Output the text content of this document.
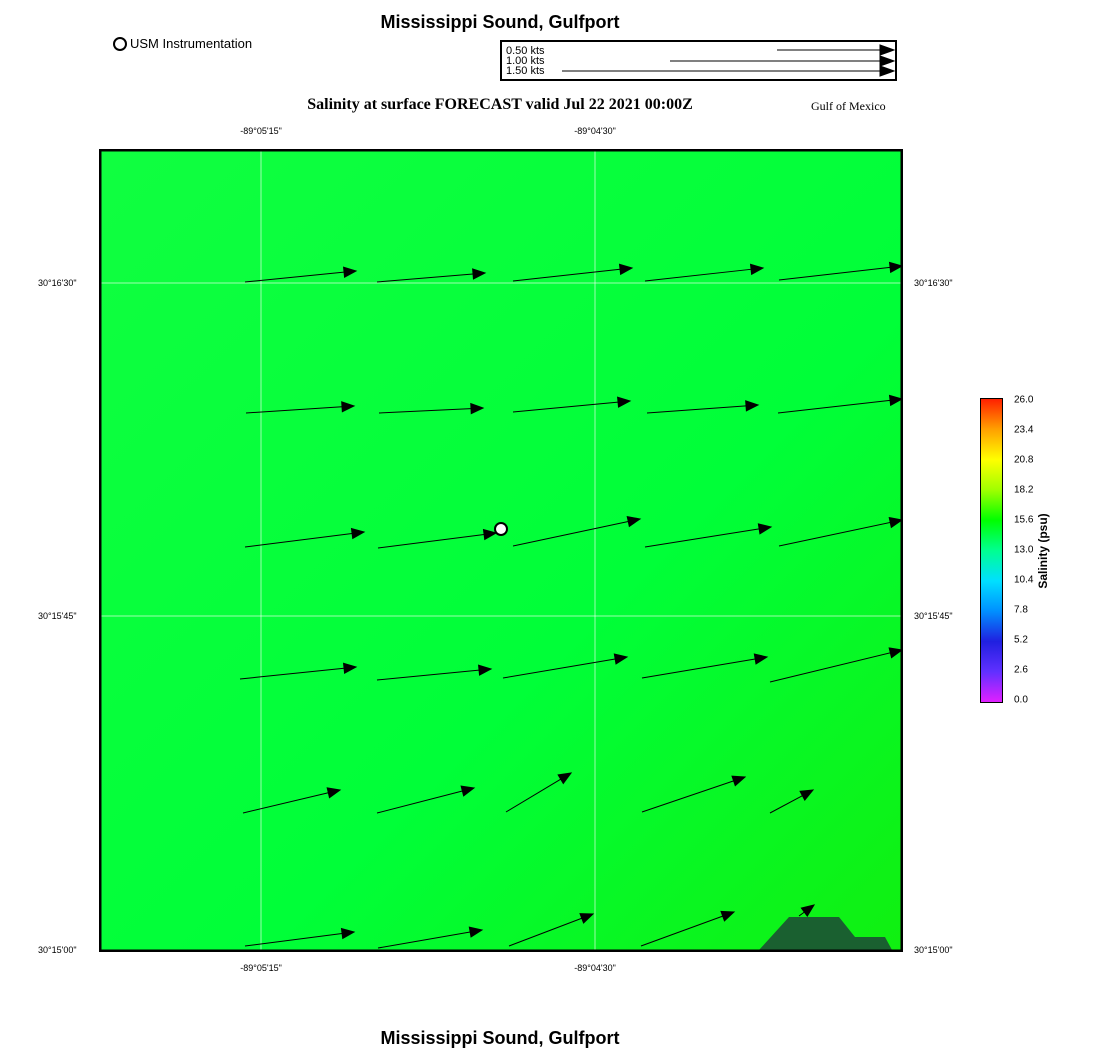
Mississippi Sound, Gulfport
USM Instrumentation	0.50 kts
1.00 kts
1.50 kts
Salinity at surface FORECAST valid Jul 22 2021 00:00Z	Gulf of Mexico
-89°05'15"	-89°04'30"
-89°05'15"	-89°04'30"
30°16'30"
30°15'45"
30°15'00"
30°16'30"
30°15'45"
30°15'00"
26.0
23.4
20.8
18.2
15.6
13.0
10.4
7.8
5.2
2.6
0.0
Salinity (psu)
Mississippi Sound, Gulfport
